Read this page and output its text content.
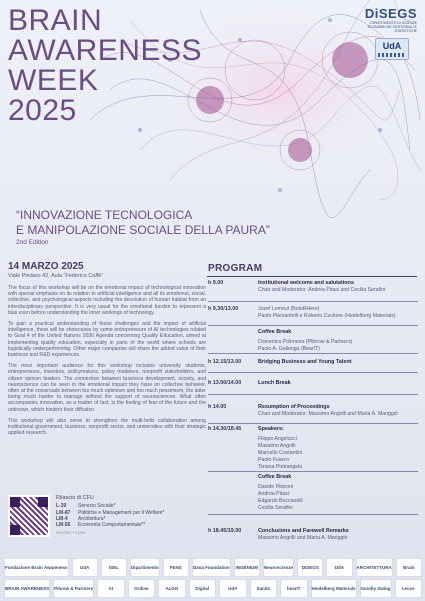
BRAIN
AWARENESS
WEEK
2025
DiSEGS
DIPARTIMENTO DI SCIENZE ECONOMICHE GESTIONALI E STATISTICHE
UdA
“INNOVAZIONE TECNOLOGICA
E MANIPOLAZIONE SOCIALE DELLA PAURA”
2nd Edition
14 MARZO 2025
Viale Pindaro 42, Aula “Federico Caffè”

The focus of this workshop will be on the emotional impact of technological innovation with special emphasis on its relation to artificial intelligence and all its emotional, social, collective, and psychological aspects including the devolution of human habitat from an interdisciplinary perspective. It is very usual for the emotional burden to represent a bias even before understanding the inner workings of technology.

To gain a practical understanding of these challenges and the impact of artificial intelligence, there will be showcases by some entrepreneurs of AI technologies related to Goal 4 of the United Nations 2030 Agenda concerning Quality Education, aimed at implementing quality education, especially in parts of the world where schools are logistically underperforming. Other major companies will share the added value of their business and R&D experiences.

The most important audience for this workshop includes university students, entrepreneurs, investors, policymakers, policy modelers, nonprofit stakeholders, and citizen opinion leaders. The connection between business development, society, and neuroscience can be seen in the emotional impact they have on collective behavior, often at the crossroads between too much optimism and too much pessimism, the latter being much harder to manage without the support of neurosciences. What often accompanies innovation, as a matter of fact, is the feeling of fear of the future and the unknown, which hinders their diffusion.

This workshop will also serve to strengthen the multi-helix collaboration among institutional government, business, nonprofit sector, and universities with their strategic applied research.

Rilascio di CFU
L-39	Servizio Sociale*
LM-87	Politiche e Management per il Welfare*
LM-4	Architettura*
LM-56	Economia Comportamentale**
*0.5 CFU ** 1 CFU
PROGRAM
h 9.00	Institutional welcome and salutations
Chair and Moderator: Andrea Pitasi and Cecilia Serafini
h 9.30/13.00	Jozef Lemout (BotsRHere)
Paolo Piersantelli e Roberto Cucitore (Heidelberg Materials)
Coffee Break
Domenico Polimeno (Plibrow & Partners)
Paolo A. Gallenga (BearIT)
h 12.15/13.00	Bridging Business and Young Talent
h 13.00/14.00	Lunch Break
h 14.00	Resumption of Proceedings
Chair and Moderator: Massimo Angrilli and Maria A. Mariggiò
h 14.30/18.45	Speakers:
Filippo Angelucci
Massimo Angrilli
Marcello Costantini
Paolo Fusero
Tiziana Pietrangelo
Coffee Break
Davide Pietroni
Andrea Pitasi
Edgardo Bucciarelli
Cecilia Serafini
h 18.45/19.00	Conclusions and Farewell Remarks
Massimo Angrilli and Maria A. Mariggiò
Fondazione Brain Awareness	UdA	ISEL	Dipartimento	FENS	Dana Foundation	INGENIUM	Neuroscienze	DISEGS	DdA	ARCHITETTURA	Brain
BRAIN AWARENESS Pibrow & Partners	AI	Ordine	ALDO	Digital	UdA	Sanità	bearIT	Heidelberg Materials Goodly Swing	Lecce
